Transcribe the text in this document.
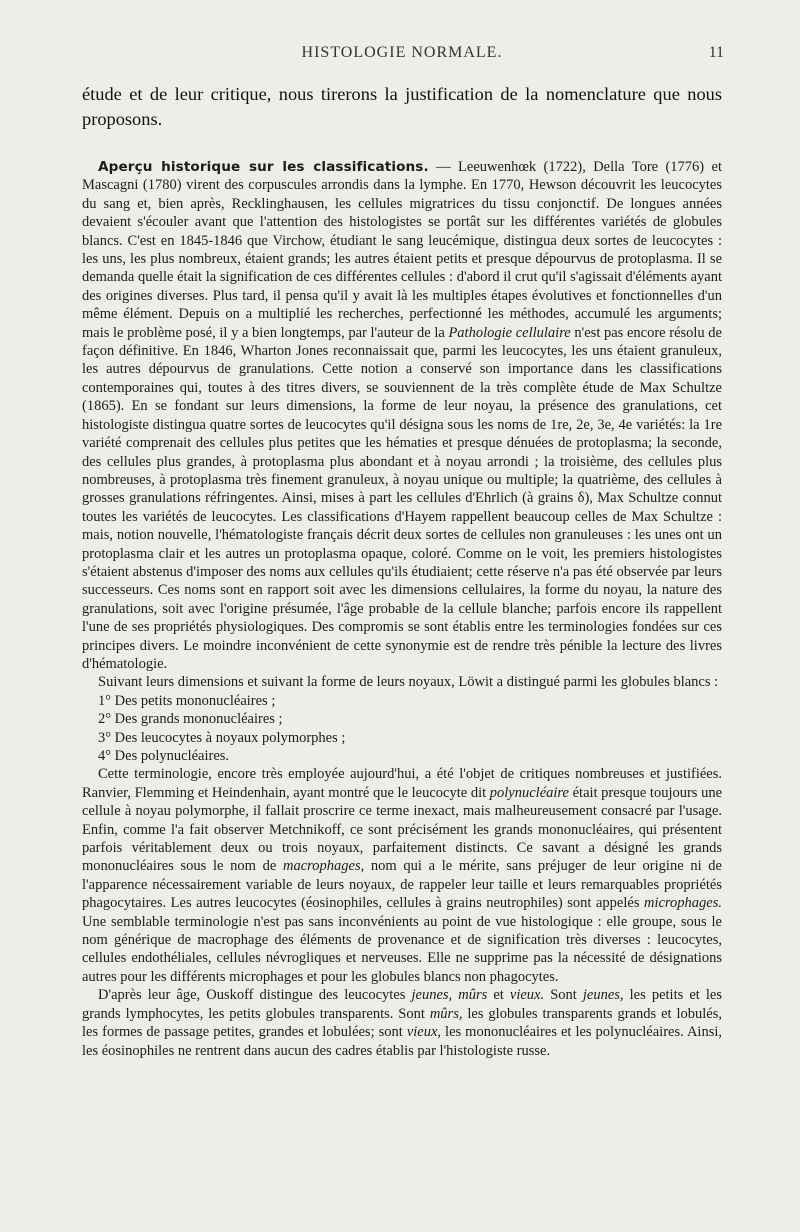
HISTOLOGIE NORMALE.	11

étude et de leur critique, nous tirerons la justification de la nomenclature que nous proposons.

Aperçu historique sur les classifications. — Leeuwenhœk (1722), Della Tore (1776) et Mascagni (1780) virent des corpuscules arrondis dans la lymphe. En 1770, Hewson découvrit les leucocytes du sang et, bien après, Recklinghausen, les cellules migratrices du tissu conjonctif. De longues années devaient s'écouler avant que l'attention des histologistes se portât sur les différentes variétés de globules blancs. C'est en 1845-1846 que Virchow, étudiant le sang leucémique, distingua deux sortes de leucocytes : les uns, les plus nombreux, étaient grands; les autres étaient petits et presque dépourvus de protoplasma. Il se demanda quelle était la signification de ces différentes cellules : d'abord il crut qu'il s'agissait d'éléments ayant des origines diverses. Plus tard, il pensa qu'il y avait là les multiples étapes évolutives et fonctionnelles d'un même élément. Depuis on a multiplié les recherches, perfectionné les méthodes, accumulé les arguments; mais le problème posé, il y a bien longtemps, par l'auteur de la Pathologie cellulaire n'est pas encore résolu de façon définitive. En 1846, Wharton Jones reconnaissait que, parmi les leucocytes, les uns étaient granuleux, les autres dépourvus de granulations. Cette notion a conservé son importance dans les classifications contemporaines qui, toutes à des titres divers, se souviennent de la très complète étude de Max Schultze (1865). En se fondant sur leurs dimensions, la forme de leur noyau, la présence des granulations, cet histologiste distingua quatre sortes de leucocytes qu'il désigna sous les noms de 1re, 2e, 3e, 4e variétés: la 1re variété comprenait des cellules plus petites que les hématies et presque dénuées de protoplasma; la seconde, des cellules plus grandes, à protoplasma plus abondant et à noyau arrondi ; la troisième, des cellules plus nombreuses, à protoplasma très finement granuleux, à noyau unique ou multiple; la quatrième, des cellules à grosses granulations réfringentes. Ainsi, mises à part les cellules d'Ehrlich (à grains δ), Max Schultze connut toutes les variétés de leucocytes. Les classifications d'Hayem rappellent beaucoup celles de Max Schultze : mais, notion nouvelle, l'hématologiste français décrit deux sortes de cellules non granuleuses : les unes ont un protoplasma clair et les autres un protoplasma opaque, coloré. Comme on le voit, les premiers histologistes s'étaient abstenus d'imposer des noms aux cellules qu'ils étudiaient; cette réserve n'a pas été observée par leurs successeurs. Ces noms sont en rapport soit avec les dimensions cellulaires, la forme du noyau, la nature des granulations, soit avec l'origine présumée, l'âge probable de la cellule blanche; parfois encore ils rappellent l'une de ses propriétés physiologiques. Des compromis se sont établis entre les terminologies fondées sur ces principes divers. Le moindre inconvénient de cette synonymie est de rendre très pénible la lecture des livres d'hématologie.

Suivant leurs dimensions et suivant la forme de leurs noyaux, Löwit a distingué parmi les globules blancs :

1° Des petits mononucléaires ;
2° Des grands mononucléaires ;
3° Des leucocytes à noyaux polymorphes ;
4° Des polynucléaires.

Cette terminologie, encore très employée aujourd'hui, a été l'objet de critiques nombreuses et justifiées. Ranvier, Flemming et Heindenhain, ayant montré que le leucocyte dit polynucléaire était presque toujours une cellule à noyau polymorphe, il fallait proscrire ce terme inexact, mais malheureusement consacré par l'usage. Enfin, comme l'a fait observer Metchnikoff, ce sont précisément les grands mononucléaires, qui présentent parfois véritablement deux ou trois noyaux, parfaitement distincts. Ce savant a désigné les grands mononucléaires sous le nom de macrophages, nom qui a le mérite, sans préjuger de leur origine ni de l'apparence nécessairement variable de leurs noyaux, de rappeler leur taille et leurs remarquables propriétés phagocytaires. Les autres leucocytes (éosinophiles, cellules à grains neutrophiles) sont appelés microphages. Une semblable terminologie n'est pas sans inconvénients au point de vue histologique : elle groupe, sous le nom générique de macrophage des éléments de provenance et de signification très diverses : leucocytes, cellules endothéliales, cellules névrogliques et nerveuses. Elle ne supprime pas la nécessité de désignations autres pour les différents microphages et pour les globules blancs non phagocytes.

D'après leur âge, Ouskoff distingue des leucocytes jeunes, mûrs et vieux. Sont jeunes, les petits et les grands lymphocytes, les petits globules transparents. Sont mûrs, les globules transparents grands et lobulés, les formes de passage petites, grandes et lobulées; sont vieux, les mononucléaires et les polynucléaires. Ainsi, les éosinophiles ne rentrent dans aucun des cadres établis par l'histologiste russe.
